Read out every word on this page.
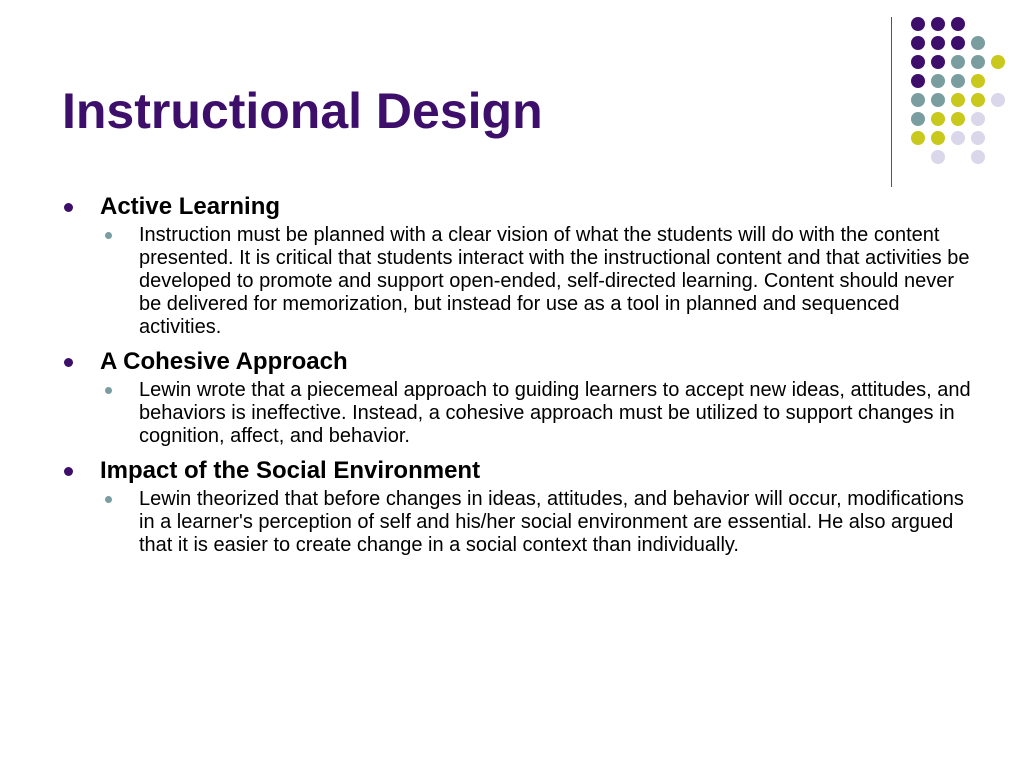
Instructional Design
Active Learning
Instruction must be planned with a clear vision of what the students will do with the content presented. It is critical that students interact with the instructional content and that activities be developed to promote and support open-ended, self-directed learning. Content should never be delivered for memorization, but instead for use as a tool in planned and sequenced activities.
A Cohesive Approach
Lewin wrote that a piecemeal approach to guiding learners to accept new ideas, attitudes, and behaviors is ineffective. Instead, a cohesive approach must be utilized to support changes in cognition, affect, and behavior.
Impact of the Social Environment
Lewin theorized that before changes in ideas, attitudes, and behavior will occur, modifications in a learner's perception of self and his/her social environment are essential. He also argued that it is easier to create change in a social context than individually.
